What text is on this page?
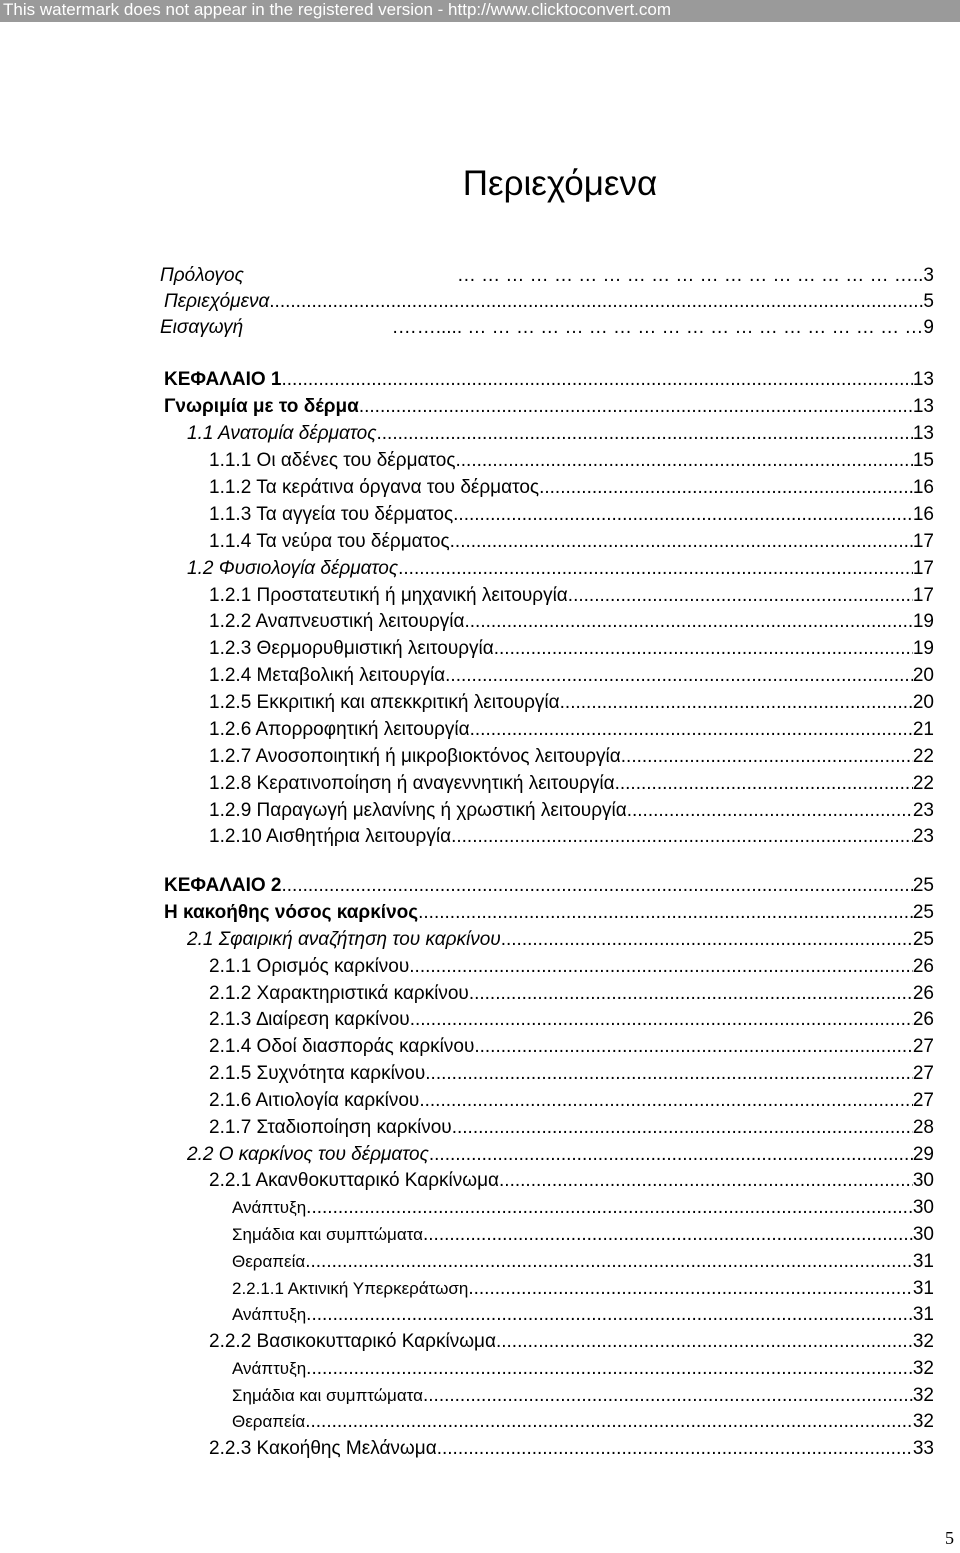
This watermark does not appear in the registered version - http://www.clicktoconvert.com
Περιεχόμενα
Πρόλογος	… … … … … … … … … … … … … … … … … … ….. 3
Περιεχόμενα .....	5
Εισαγωγή	.……..... … … … … … … … … … … … … … … … … … … … 9
ΚΕΦΑΛΑΙΟ 1 .....	13
Γνωριμία με το δέρμα .....	13
1.1 Ανατομία δέρματος .....	13
1.1.1 Οι αδένες του δέρματος .....	15
1.1.2 Τα κεράτινα όργανα του δέρματος .....	16
1.1.3 Τα αγγεία του δέρματος .....	16
1.1.4 Τα νεύρα του δέρματος .....	17
1.2 Φυσιολογία δέρματος .....	17
1.2.1 Προστατευτική ή μηχανική λειτουργία .....	17
1.2.2 Αναπνευστική λειτουργία .....	19
1.2.3 Θερμορυθμιστική λειτουργία .....	19
1.2.4 Μεταβολική λειτουργία .....	20
1.2.5 Εκκριτική και απεκκριτική λειτουργία .....	20
1.2.6 Απορροφητική λειτουργία .....	21
1.2.7 Ανοσοποιητική ή μικροβιοκτόνος λειτουργία .....	22
1.2.8 Κερατινοποίηση ή αναγεννητική λειτουργία .....	22
1.2.9 Παραγωγή μελανίνης ή χρωστική λειτουργία .....	23
1.2.10 Αισθητήρια λειτουργία .....	23
ΚΕΦΑΛΑΙΟ 2 .....	25
Η κακοήθης νόσος καρκίνος .....	25
2.1 Σφαιρική αναζήτηση του καρκίνου .....	25
2.1.1 Ορισμός καρκίνου .....	26
2.1.2 Χαρακτηριστικά καρκίνου .....	26
2.1.3 ∆ιαίρεση καρκίνου .....	26
2.1.4 Οδοί διασποράς καρκίνου .....	27
2.1.5 Συχνότητα καρκίνου .....	27
2.1.6 Αιτιολογία καρκίνου .....	27
2.1.7 Σταδιοποίηση καρκίνου .....	28
2.2 Ο καρκίνος του δέρματος .....	29
2.2.1 Ακανθοκυτταρικό Καρκίνωμα .....	30
Ανάπτυξη .....	30
Σημάδια και συμπτώματα .....	30
Θεραπεία .....	31
2.2.1.1 Ακτινική Υπερκεράτωση .....	31
Ανάπτυξη .....	31
2.2.2 Βασικοκυτταρικό Καρκίνωμα .....	32
Ανάπτυξη .....	32
Σημάδια και συμπτώματα .....	32
Θεραπεία .....	32
2.2.3 Κακοήθης Μελάνωμα .....	33
5
